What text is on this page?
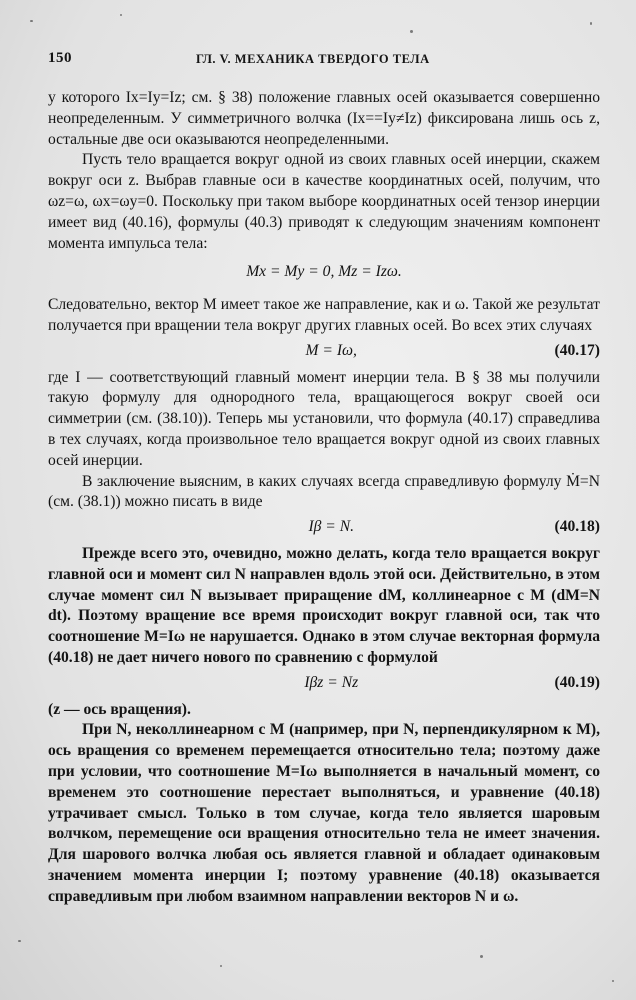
150	ГЛ. V. МЕХАНИКА ТВЕРДОГО ТЕЛА

у которого Ix=Iy=Iz; см. § 38) положение главных осей оказывается совершенно неопределенным. У симметричного волчка (Ix==Iy≠Iz) фиксирована лишь ось z, остальные две оси оказываются неопределенными.

Пусть тело вращается вокруг одной из своих главных осей инерции, скажем вокруг оси z. Выбрав главные оси в качестве координатных осей, получим, что ωz=ω, ωx=ωy=0. Поскольку при таком выборе координатных осей тензор инерции имеет вид (40.16), формулы (40.3) приводят к следующим значениям компонент момента импульса тела:

Mx = My = 0, Mz = Izω.

Следовательно, вектор M имеет такое же направление, как и ω. Такой же результат получается при вращении тела вокруг других главных осей. Во всех этих случаях

M = Iω,	(40.17)

где I — соответствующий главный момент инерции тела. В § 38 мы получили такую формулу для однородного тела, вращающегося вокруг своей оси симметрии (см. (38.10)). Теперь мы установили, что формула (40.17) справедлива в тех случаях, когда произвольное тело вращается вокруг одной из своих главных осей инерции.

В заключение выясним, в каких случаях всегда справедливую формулу Ṁ=N (см. (38.1)) можно писать в виде

Iβ = N.	(40.18)

Прежде всего это, очевидно, можно делать, когда тело вращается вокруг главной оси и момент сил N направлен вдоль этой оси. Действительно, в этом случае момент сил N вызывает приращение dM, коллинеарное с M (dM=N dt). Поэтому вращение все время происходит вокруг главной оси, так что соотношение M=Iω не нарушается. Однако в этом случае векторная формула (40.18) не дает ничего нового по сравнению с формулой

Iβz = Nz	(40.19)

(z — ось вращения).

При N, неколлинеарном с M (например, при N, перпендикулярном к M), ось вращения со временем перемещается относительно тела; поэтому даже при условии, что соотношение M=Iω выполняется в начальный момент, со временем это соотношение перестает выполняться, и уравнение (40.18) утрачивает смысл. Только в том случае, когда тело является шаровым волчком, перемещение оси вращения относительно тела не имеет значения. Для шарового волчка любая ось является главной и обладает одинаковым значением момента инерции I; поэтому уравнение (40.18) оказывается справедливым при любом взаимном направлении векторов N и ω.
